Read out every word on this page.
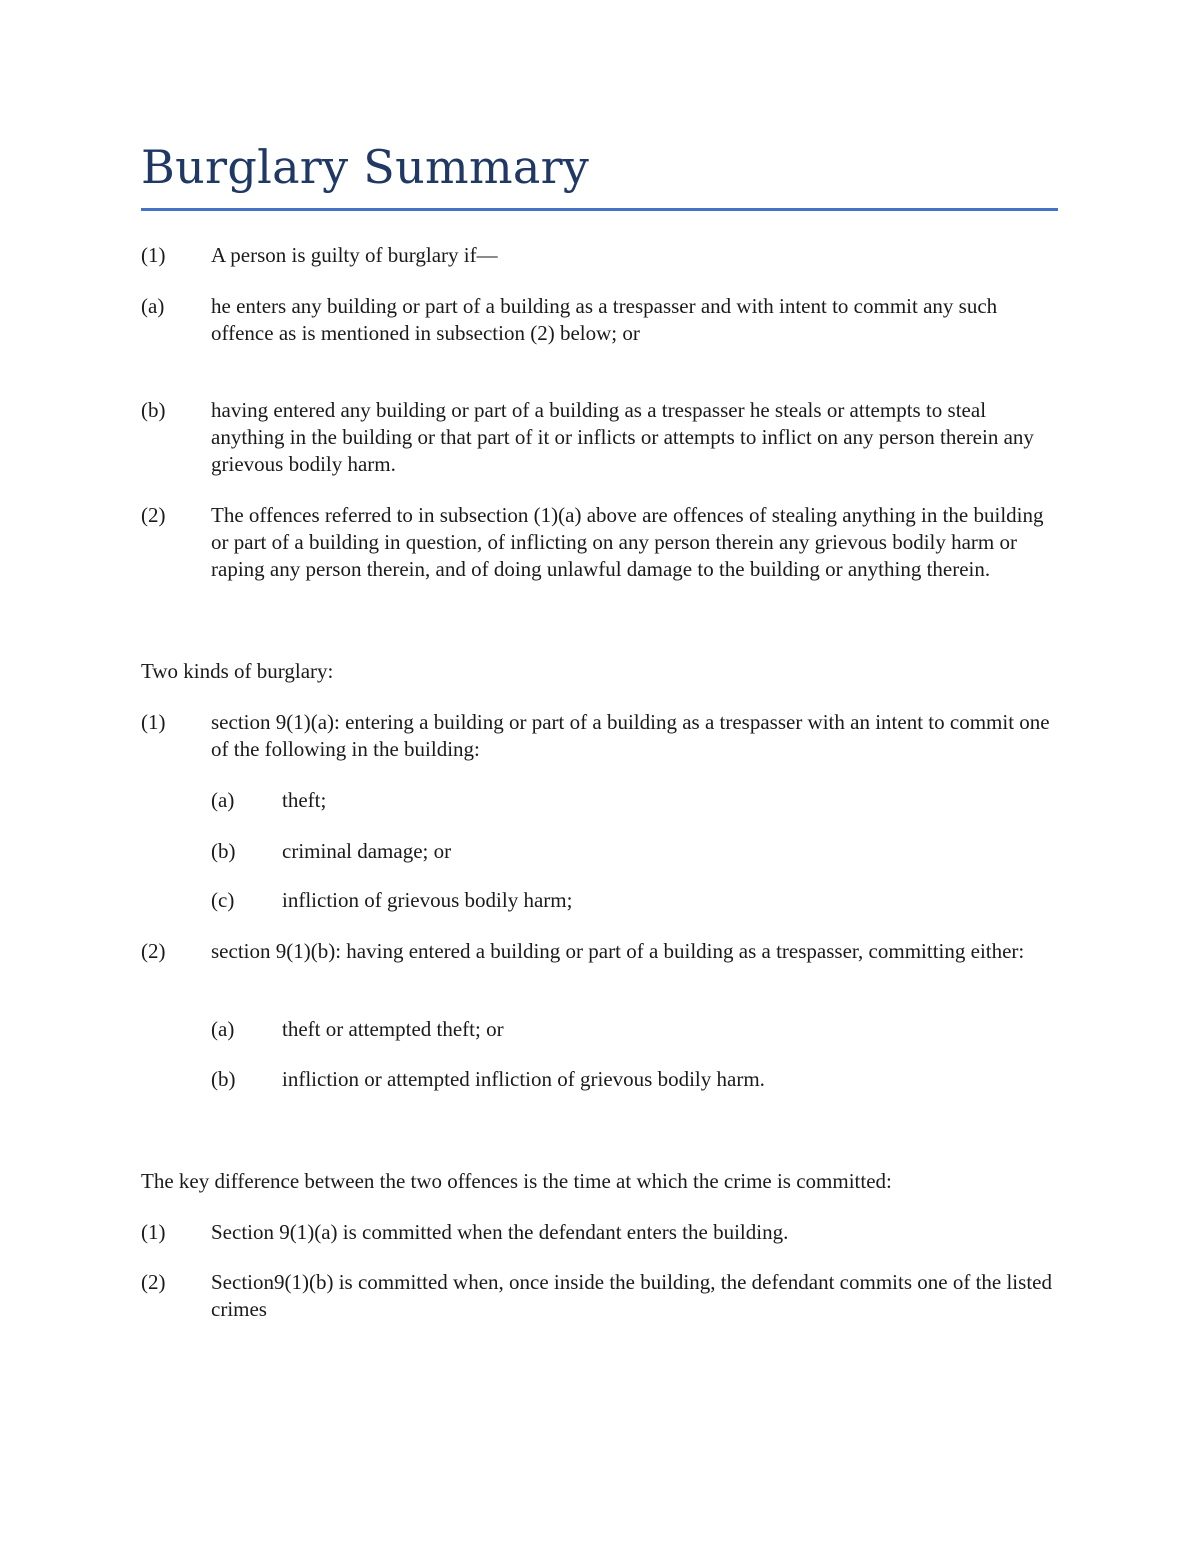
Burglary Summary
(1) A person is guilty of burglary if—
(a) he enters any building or part of a building as a trespasser and with intent to commit any such offence as is mentioned in subsection (2) below; or
(b) having entered any building or part of a building as a trespasser he steals or attempts to steal anything in the building or that part of it or inflicts or attempts to inflict on any person therein any grievous bodily harm.
(2) The offences referred to in subsection (1)(a) above are offences of stealing anything in the building or part of a building in question, of inflicting on any person therein any grievous bodily harm or raping any person therein, and of doing unlawful damage to the building or anything therein.
Two kinds of burglary:
(1) section 9(1)(a): entering a building or part of a building as a trespasser with an intent to commit one of the following in the building:
(a) theft;
(b) criminal damage; or
(c) infliction of grievous bodily harm;
(2) section 9(1)(b): having entered a building or part of a building as a trespasser, committing either:
(a) theft or attempted theft; or
(b) infliction or attempted infliction of grievous bodily harm.
The key difference between the two offences is the time at which the crime is committed:
(1) Section 9(1)(a) is committed when the defendant enters the building.
(2) Section9(1)(b) is committed when, once inside the building, the defendant commits one of the listed crimes
